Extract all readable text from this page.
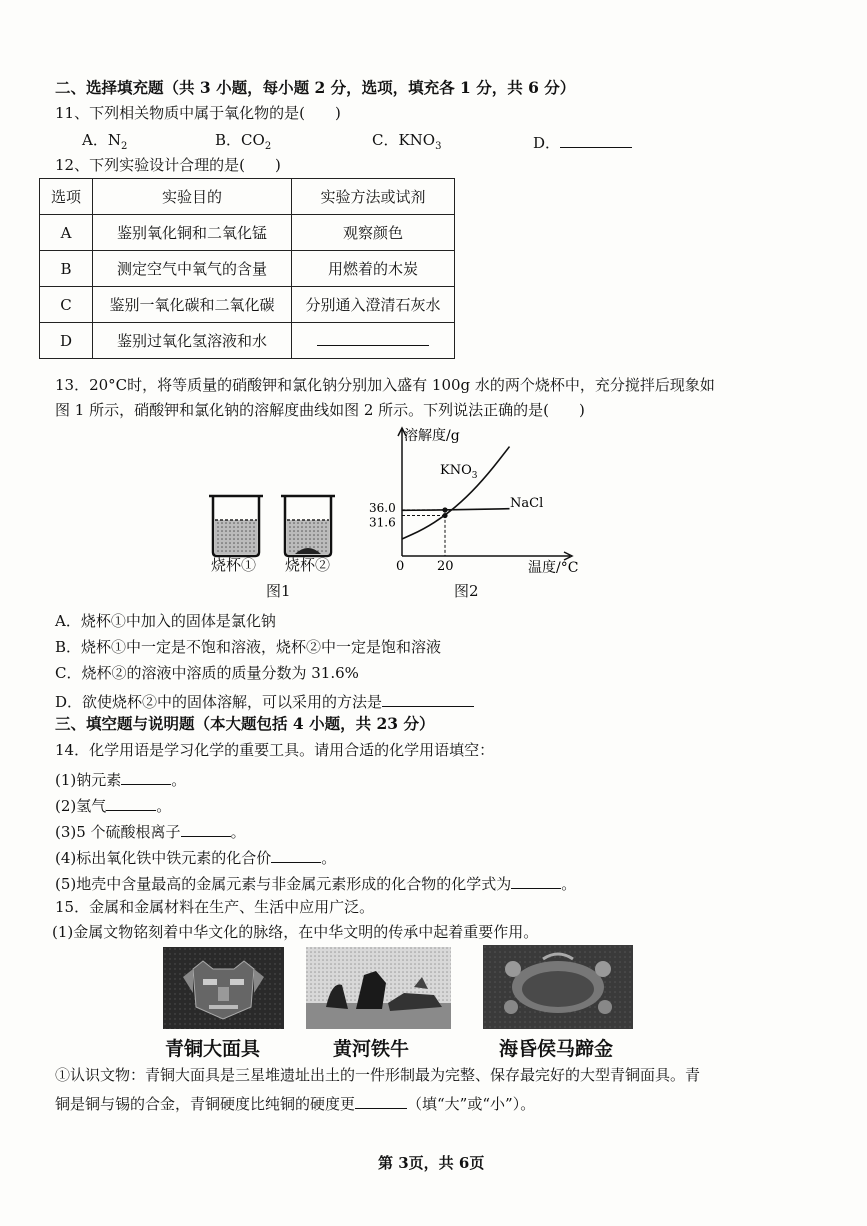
二、选择填充题（共 3 小题，每小题 2 分，选项，填充各 1 分，共 6 分）
11、下列相关物质中属于氧化物的是(　　)
A．$N_2$	B．$CO_2$	C．$KNO_3$	D．
12、下列实验设计合理的是(　　)
选项	实验目的	实验方法或试剂
A	鉴别氧化铜和二氧化锰	观察颜色
B	测定空气中氧气的含量	用燃着的木炭
C	鉴别一氧化碳和二氧化碳	分别通入澄清石灰水
D	鉴别过氧化氢溶液和水	
13．20°C时，将等质量的硝酸钾和氯化钠分别加入盛有 100g 水的两个烧杯中，充分搅拌后现象如
图 1 所示，硝酸钾和氯化钠的溶解度曲线如图 2 所示。下列说法正确的是(　　)
烧杯① 烧杯②
图1
溶解度/g
温度/°C
0	20
36.0
31.6
$KNO_3$
NaCl
图2
A．烧杯①中加入的固体是氯化钠
B．烧杯①中一定是不饱和溶液，烧杯②中一定是饱和溶液
C．烧杯②的溶液中溶质的质量分数为 31.6%
D．欲使烧杯②中的固体溶解，可以采用的方法是
三、填空题与说明题（本大题包括 4 小题，共 23 分）
14．化学用语是学习化学的重要工具。请用合适的化学用语填空：
(1)钠元素	。
(2)氢气	。
(3)5 个硫酸根离子	。
(4)标出氧化铁中铁元素的化合价	。
(5)地壳中含量最高的金属元素与非金属元素形成的化合物的化学式为	。
15．金属和金属材料在生产、生活中应用广泛。
(1)金属文物铭刻着中华文化的脉络，在中华文明的传承中起着重要作用。
青铜大面具	黄河铁牛	海昏侯马蹄金
①认识文物：青铜大面具是三星堆遗址出土的一件形制最为完整、保存最完好的大型青铜面具。青
铜是铜与锡的合金，青铜硬度比纯铜的硬度更	（填“大”或“小”）。
第 3页，共 6页
